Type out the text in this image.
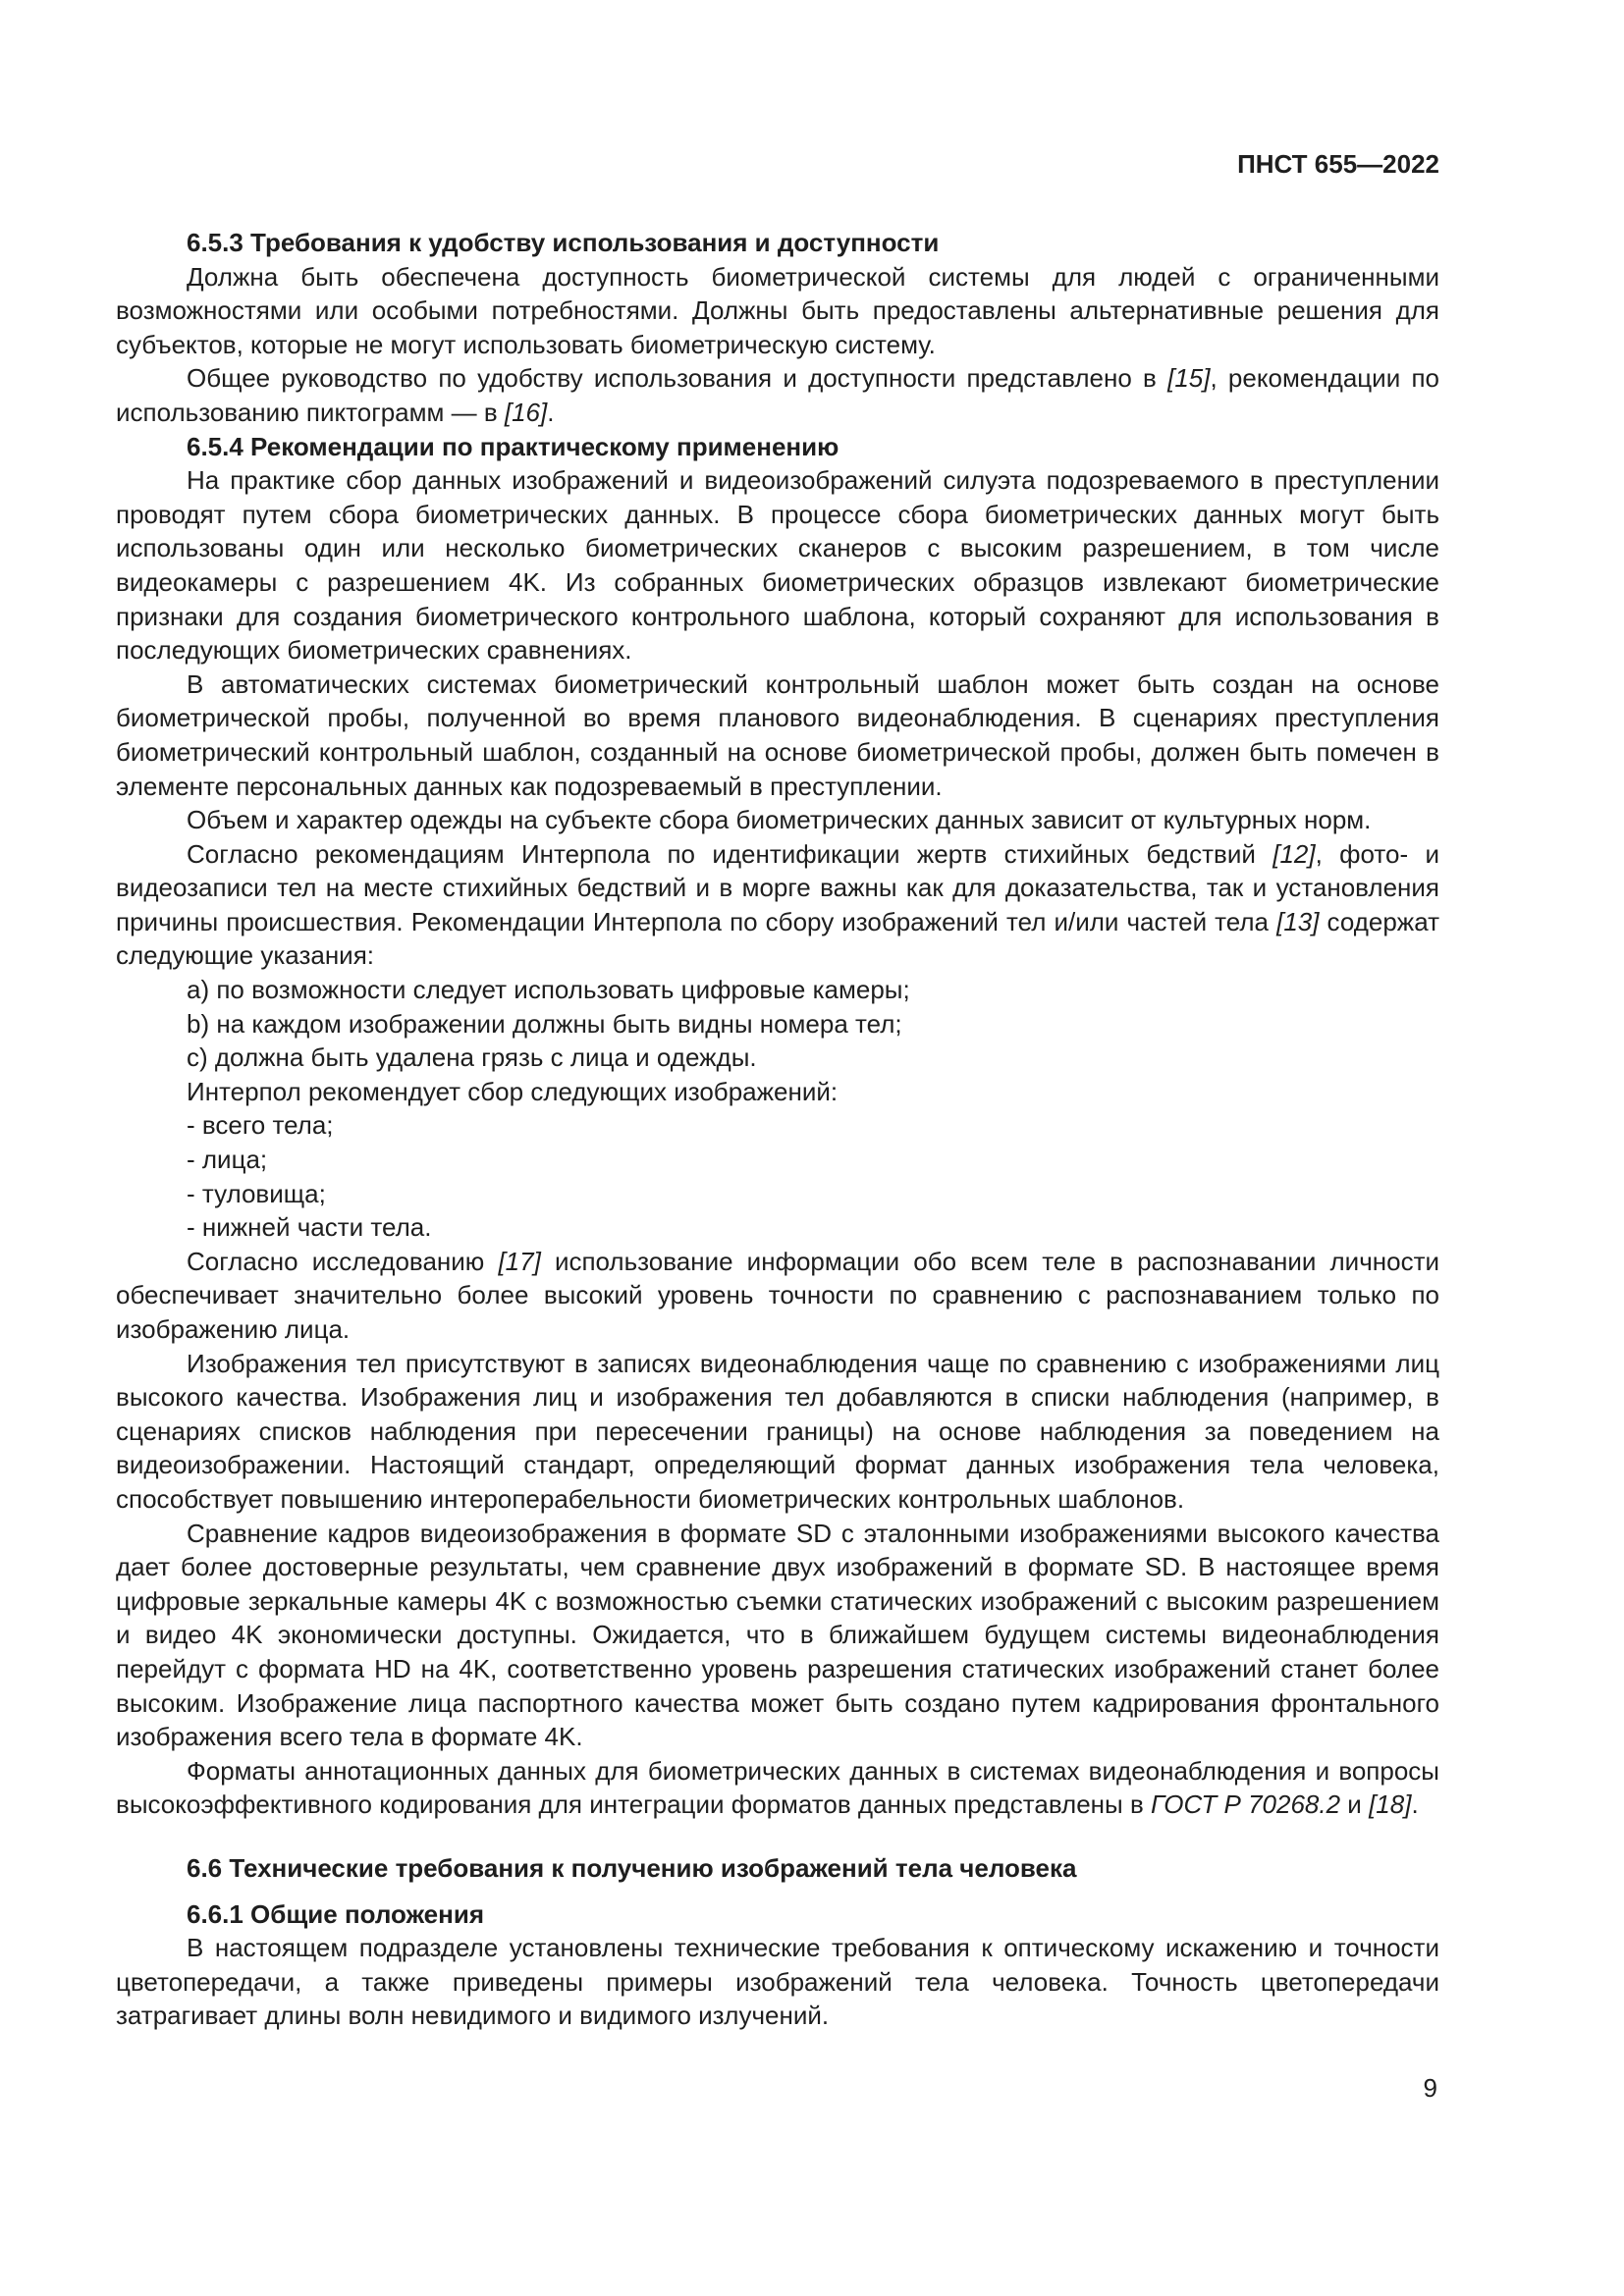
ПНСТ 655—2022

6.5.3 Требования к удобству использования и доступности

Должна быть обеспечена доступность биометрической системы для людей с ограниченными возможностями или особыми потребностями. Должны быть предоставлены альтернативные решения для субъектов, которые не могут использовать биометрическую систему.

Общее руководство по удобству использования и доступности представлено в [15], рекомендации по использованию пиктограмм — в [16].

6.5.4 Рекомендации по практическому применению

На практике сбор данных изображений и видеоизображений силуэта подозреваемого в преступлении проводят путем сбора биометрических данных. В процессе сбора биометрических данных могут быть использованы один или несколько биометрических сканеров с высоким разрешением, в том числе видеокамеры с разрешением 4K. Из собранных биометрических образцов извлекают биометрические признаки для создания биометрического контрольного шаблона, который сохраняют для использования в последующих биометрических сравнениях.

В автоматических системах биометрический контрольный шаблон может быть создан на основе биометрической пробы, полученной во время планового видеонаблюдения. В сценариях преступления биометрический контрольный шаблон, созданный на основе биометрической пробы, должен быть помечен в элементе персональных данных как подозреваемый в преступлении.

Объем и характер одежды на субъекте сбора биометрических данных зависит от культурных норм.

Согласно рекомендациям Интерпола по идентификации жертв стихийных бедствий [12], фото- и видеозаписи тел на месте стихийных бедствий и в морге важны как для доказательства, так и установления причины происшествия. Рекомендации Интерпола по сбору изображений тел и/или частей тела [13] содержат следующие указания:

a) по возможности следует использовать цифровые камеры;

b) на каждом изображении должны быть видны номера тел;

c) должна быть удалена грязь с лица и одежды.

Интерпол рекомендует сбор следующих изображений:

- всего тела;

- лица;

- туловища;

- нижней части тела.

Согласно исследованию [17] использование информации обо всем теле в распознавании личности обеспечивает значительно более высокий уровень точности по сравнению с распознаванием только по изображению лица.

Изображения тел присутствуют в записях видеонаблюдения чаще по сравнению с изображениями лиц высокого качества. Изображения лиц и изображения тел добавляются в списки наблюдения (например, в сценариях списков наблюдения при пересечении границы) на основе наблюдения за поведением на видеоизображении. Настоящий стандарт, определяющий формат данных изображения тела человека, способствует повышению интероперабельности биометрических контрольных шаблонов.

Сравнение кадров видеоизображения в формате SD с эталонными изображениями высокого качества дает более достоверные результаты, чем сравнение двух изображений в формате SD. В настоящее время цифровые зеркальные камеры 4K с возможностью съемки статических изображений с высоким разрешением и видео 4K экономически доступны. Ожидается, что в ближайшем будущем системы видеонаблюдения перейдут с формата HD на 4K, соответственно уровень разрешения статических изображений станет более высоким. Изображение лица паспортного качества может быть создано путем кадрирования фронтального изображения всего тела в формате 4K.

Форматы аннотационных данных для биометрических данных в системах видеонаблюдения и вопросы высокоэффективного кодирования для интеграции форматов данных представлены в ГОСТ Р 70268.2 и [18].

6.6 Технические требования к получению изображений тела человека

6.6.1 Общие положения

В настоящем подразделе установлены технические требования к оптическому искажению и точности цветопередачи, а также приведены примеры изображений тела человека. Точность цветопередачи затрагивает длины волн невидимого и видимого излучений.

9
